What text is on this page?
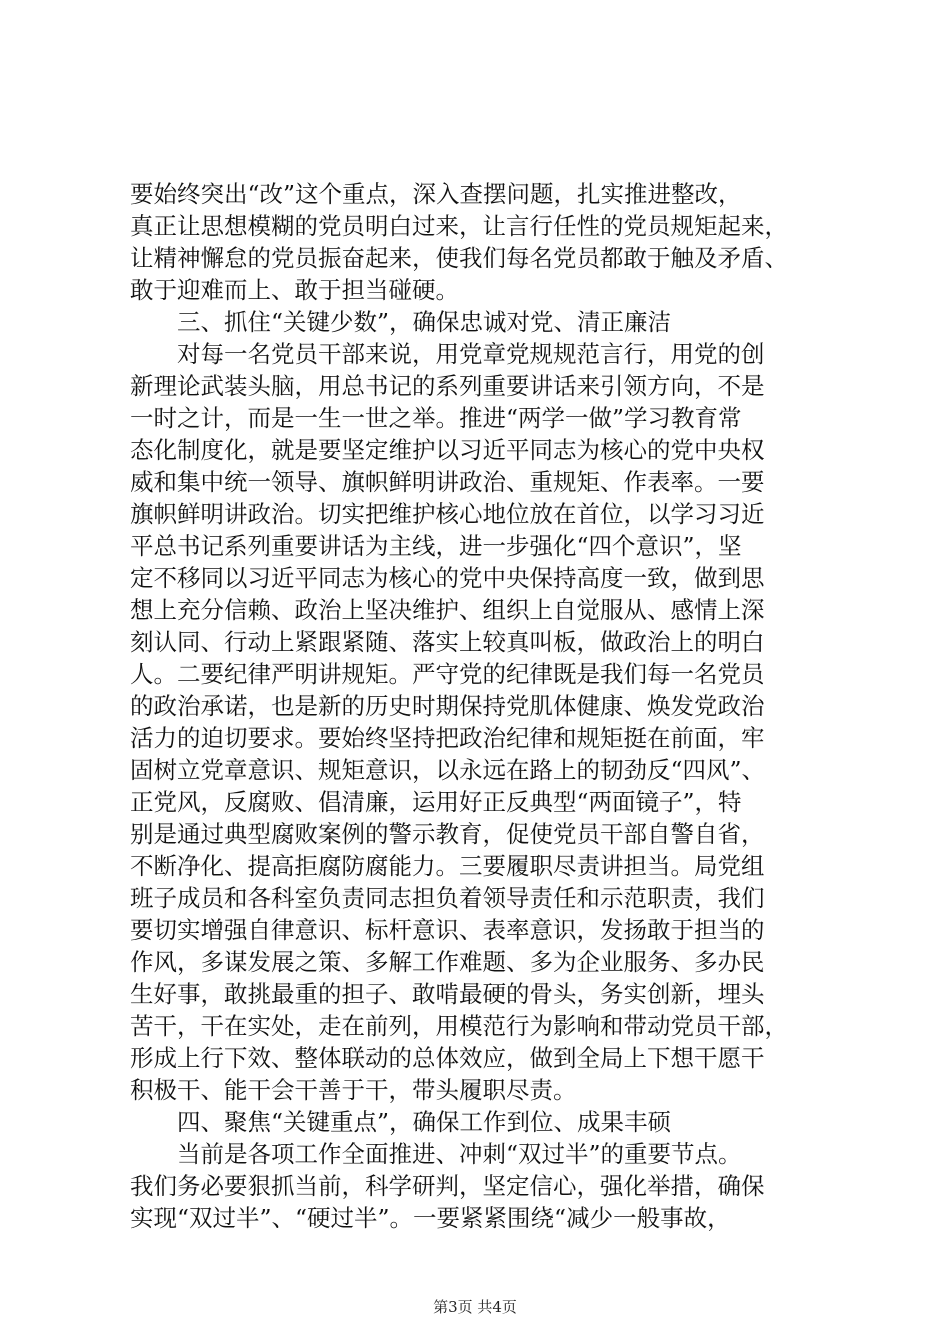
要始终突出“改”这个重点，深入查摆问题，扎实推进整改，
真正让思想模糊的党员明白过来，让言行任性的党员规矩起来，
让精神懈怠的党员振奋起来，使我们每名党员都敢于触及矛盾、
敢于迎难而上、敢于担当碰硬。
三、抓住“关键少数”，确保忠诚对党、清正廉洁
对每一名党员干部来说，用党章党规规范言行，用党的创
新理论武装头脑，用总书记的系列重要讲话来引领方向，不是
一时之计，而是一生一世之举。推进“两学一做”学习教育常
态化制度化，就是要坚定维护以习近平同志为核心的党中央权
威和集中统一领导、旗帜鲜明讲政治、重规矩、作表率。一要
旗帜鲜明讲政治。切实把维护核心地位放在首位，以学习习近
平总书记系列重要讲话为主线，进一步强化“四个意识”，坚
定不移同以习近平同志为核心的党中央保持高度一致，做到思
想上充分信赖、政治上坚决维护、组织上自觉服从、感情上深
刻认同、行动上紧跟紧随、落实上较真叫板，做政治上的明白
人。二要纪律严明讲规矩。严守党的纪律既是我们每一名党员
的政治承诺，也是新的历史时期保持党肌体健康、焕发党政治
活力的迫切要求。要始终坚持把政治纪律和规矩挺在前面，牢
固树立党章意识、规矩意识，以永远在路上的韧劲反“四风”、
正党风，反腐败、倡清廉，运用好正反典型“两面镜子”，特
别是通过典型腐败案例的警示教育，促使党员干部自警自省，
不断净化、提高拒腐防腐能力。三要履职尽责讲担当。局党组
班子成员和各科室负责同志担负着领导责任和示范职责，我们
要切实增强自律意识、标杆意识、表率意识，发扬敢于担当的
作风，多谋发展之策、多解工作难题、多为企业服务、多办民
生好事，敢挑最重的担子、敢啃最硬的骨头，务实创新，埋头
苦干，干在实处，走在前列，用模范行为影响和带动党员干部，
形成上行下效、整体联动的总体效应，做到全局上下想干愿干
积极干、能干会干善于干，带头履职尽责。
四、聚焦“关键重点”，确保工作到位、成果丰硕
当前是各项工作全面推进、冲刺“双过半”的重要节点。
我们务必要狠抓当前，科学研判，坚定信心，强化举措，确保
实现“双过半”、“硬过半”。一要紧紧围绕“减少一般事故，
第3页 共4页
